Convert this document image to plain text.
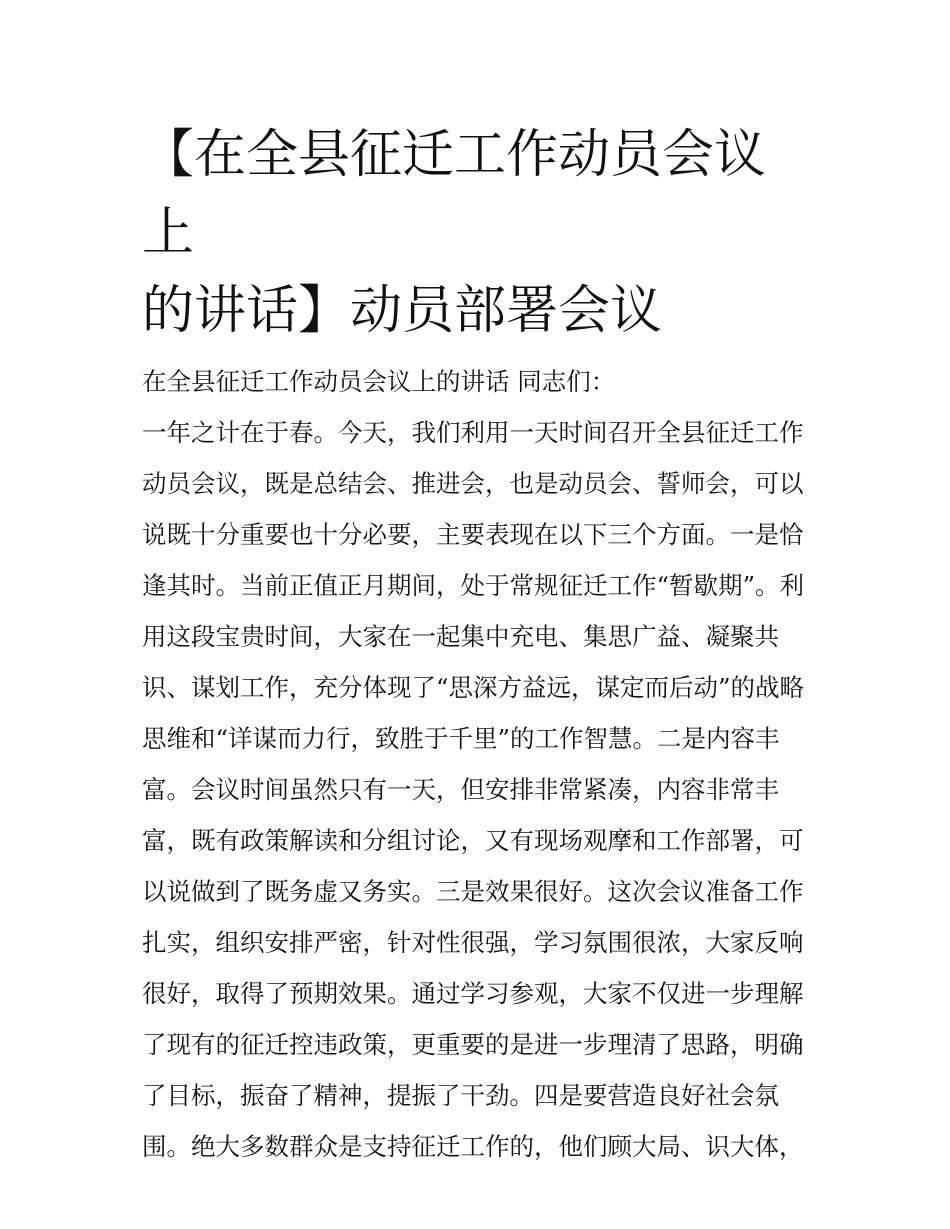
【在全县征迁工作动员会议上
的讲话】动员部署会议

在全县征迁工作动员会议上的讲话 同志们：

一年之计在于春。今天，我们利用一天时间召开全县征迁工作

动员会议，既是总结会、推进会，也是动员会、誓师会，可以

说既十分重要也十分必要，主要表现在以下三个方面。一是恰

逢其时。当前正值正月期间，处于常规征迁工作“暂歇期”。利

用这段宝贵时间，大家在一起集中充电、集思广益、凝聚共

识、谋划工作，充分体现了“思深方益远，谋定而后动”的战略

思维和“详谋而力行，致胜于千里”的工作智慧。二是内容丰

富。会议时间虽然只有一天，但安排非常紧凑，内容非常丰

富，既有政策解读和分组讨论，又有现场观摩和工作部署，可

以说做到了既务虚又务实。三是效果很好。这次会议准备工作

扎实，组织安排严密，针对性很强，学习氛围很浓，大家反响

很好，取得了预期效果。通过学习参观，大家不仅进一步理解

了现有的征迁控违政策，更重要的是进一步理清了思路，明确

了目标，振奋了精神，提振了干劲。四是要营造良好社会氛

围。绝大多数群众是支持征迁工作的，他们顾大局、识大体，
